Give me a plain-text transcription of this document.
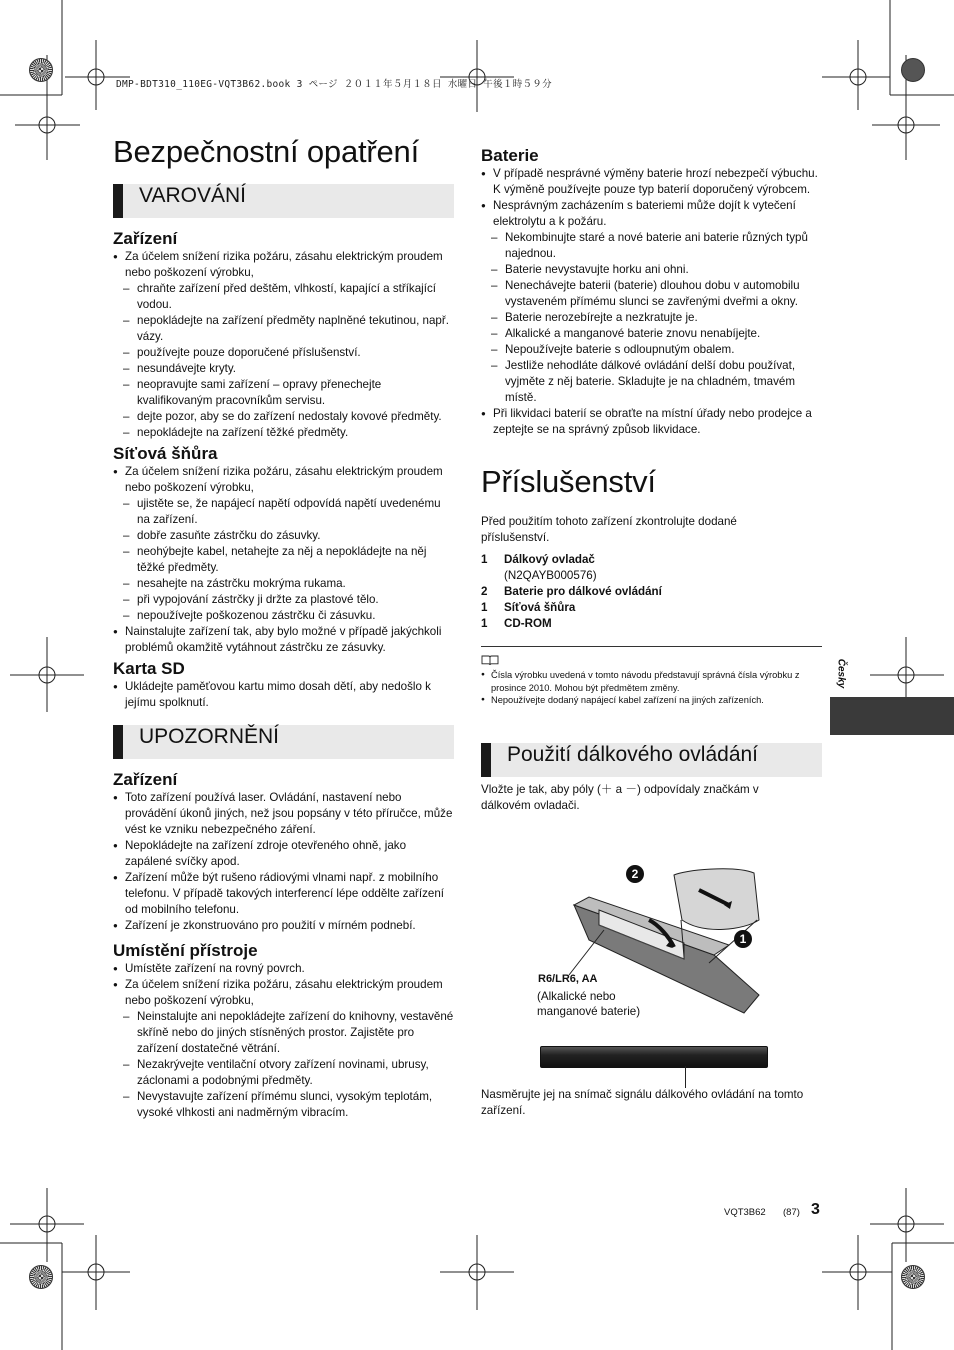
DMP-BDT310_110EG-VQT3B62.book 3 ページ ２０１１年５月１８日 水曜日 午後１時５９分
Česky
Bezpečnostní opatření
VAROVÁNÍ
Zařízení
● Za účelem snížení rizika požáru, zásahu elektrickým proudem nebo poškození výrobku,
– chraňte zařízení před deštěm, vlhkostí, kapající a stříkající vodou.
– nepokládejte na zařízení předměty naplněné tekutinou, např. vázy.
– používejte pouze doporučené příslušenství.
– nesundávejte kryty.
– neopravujte sami zařízení – opravy přenechejte kvalifikovaným pracovníkům servisu.
– dejte pozor, aby se do zařízení nedostaly kovové předměty.
– nepokládejte na zařízení těžké předměty.
Síťová šňůra
● Za účelem snížení rizika požáru, zásahu elektrickým proudem nebo poškození výrobku,
– ujistěte se, že napájecí napětí odpovídá napětí uvedenému na zařízení.
– dobře zasuňte zástrčku do zásuvky.
– neohýbejte kabel, netahejte za něj a nepokládejte na něj těžké předměty.
– nesahejte na zástrčku mokrýma rukama.
– při vypojování zástrčky ji držte za plastové tělo.
– nepoužívejte poškozenou zástrčku či zásuvku.
● Nainstalujte zařízení tak, aby bylo možné v případě jakýchkoli problémů okamžitě vytáhnout zástrčku ze zásuvky.
Karta SD
● Ukládejte paměťovou kartu mimo dosah dětí, aby nedošlo k jejímu spolknutí.
UPOZORNĚNÍ
Zařízení
● Toto zařízení používá laser. Ovládání, nastavení nebo provádění úkonů jiných, než jsou popsány v této příručce, může vést ke vzniku nebezpečného záření.
● Nepokládejte na zařízení zdroje otevřeného ohně, jako zapálené svíčky apod.
● Zařízení může být rušeno rádiovými vlnami např. z mobilního telefonu. V případě takových interferencí lépe oddělte zařízení od mobilního telefonu.
● Zařízení je zkonstruováno pro použití v mírném podnebí.
Umístění přístroje
● Umístěte zařízení na rovný povrch.
● Za účelem snížení rizika požáru, zásahu elektrickým proudem nebo poškození výrobku,
– Neinstalujte ani nepokládejte zařízení do knihovny, vestavěné skříně nebo do jiných stísněných prostor. Zajistěte pro zařízení dostatečné větrání.
– Nezakrývejte ventilační otvory zařízení novinami, ubrusy, záclonami a podobnými předměty.
– Nevystavujte zařízení přímému slunci, vysokým teplotám, vysoké vlhkosti ani nadměrným vibracím.
Baterie
● V případě nesprávné výměny baterie hrozí nebezpečí výbuchu. K výměně používejte pouze typ baterií doporučený výrobcem.
● Nesprávným zacházením s bateriemi může dojít k vytečení elektrolytu a k požáru.
– Nekombinujte staré a nové baterie ani baterie různých typů najednou.
– Baterie nevystavujte horku ani ohni.
– Nenechávejte baterii (baterie) dlouhou dobu v automobilu vystaveném přímému slunci se zavřenými dveřmi a okny.
– Baterie nerozebírejte a nezkratujte je.
– Alkalické a manganové baterie znovu nenabíjejte.
– Nepoužívejte baterie s odloupnutým obalem.
– Jestliže nehodláte dálkové ovládání delší dobu používat, vyjměte z něj baterie. Skladujte je na chladném, tmavém místě.
● Při likvidaci baterií se obraťte na místní úřady nebo prodejce a zeptejte se na správný způsob likvidace.
Příslušenství
Před použitím tohoto zařízení zkontrolujte dodané příslušenství.
1	Dálkový ovladač
(N2QAYB000576)
2	Baterie pro dálkové ovládání
1	Síťová šňůra
1	CD-ROM
● Čísla výrobku uvedená v tomto návodu představují správná čísla výrobku z prosince 2010. Mohou být předmětem změny.
● Nepoužívejte dodaný napájecí kabel zařízení na jiných zařízeních.
Použití dálkového ovládání
Vložte je tak, aby póly (＋ a －) odpovídaly značkám v dálkovém ovladači.
2
1
R6/LR6, AA
(Alkalické nebo
manganové baterie)
Nasměrujte jej na snímač signálu dálkového ovládání na tomto zařízení.
VQT3B62 (87) 3
